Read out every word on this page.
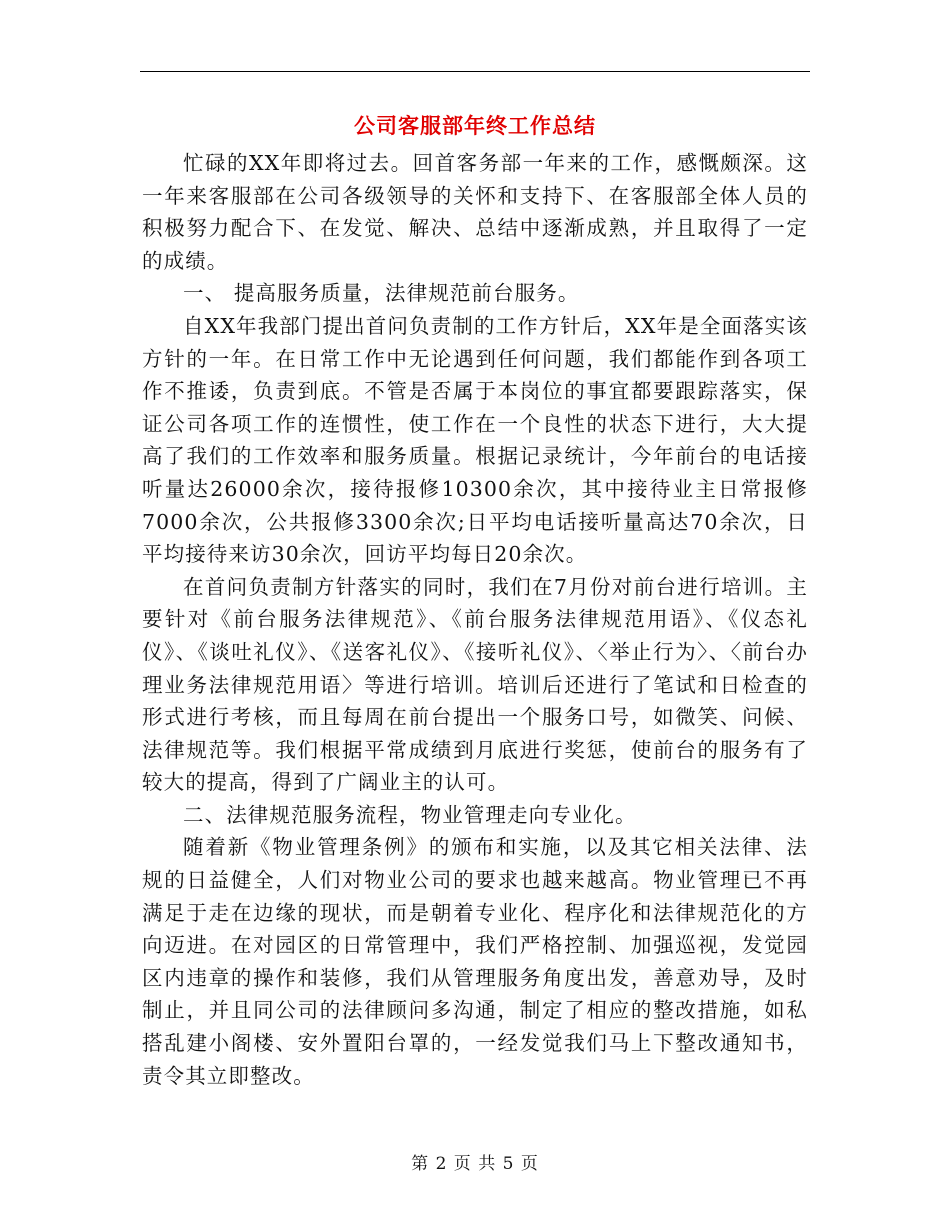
公司客服部年终工作总结

忙碌的XX年即将过去。回首客务部一年来的工作，感慨颇深。这一年来客服部在公司各级领导的关怀和支持下、在客服部全体人员的积极努力配合下、在发觉、解决、总结中逐渐成熟，并且取得了一定的成绩。

一、 提高服务质量，法律规范前台服务。

自XX年我部门提出首问负责制的工作方针后，XX年是全面落实该方针的一年。在日常工作中无论遇到任何问题，我们都能作到各项工作不推诿，负责到底。不管是否属于本岗位的事宜都要跟踪落实，保证公司各项工作的连惯性，使工作在一个良性的状态下进行，大大提高了我们的工作效率和服务质量。根据记录统计，今年前台的电话接听量达26000余次，接待报修10300余次，其中接待业主日常报修7000余次，公共报修3300余次;日平均电话接听量高达70余次，日平均接待来访30余次，回访平均每日20余次。

在首问负责制方针落实的同时，我们在7月份对前台进行培训。主要针对《前台服务法律规范》、《前台服务法律规范用语》、《仪态礼仪》、《谈吐礼仪》、《送客礼仪》、《接听礼仪》、〈举止行为〉、〈前台办理业务法律规范用语〉等进行培训。培训后还进行了笔试和日检查的形式进行考核，而且每周在前台提出一个服务口号，如微笑、问候、法律规范等。我们根据平常成绩到月底进行奖惩，使前台的服务有了较大的提高，得到了广阔业主的认可。

二、法律规范服务流程，物业管理走向专业化。

随着新《物业管理条例》的颁布和实施，以及其它相关法律、法规的日益健全，人们对物业公司的要求也越来越高。物业管理已不再满足于走在边缘的现状，而是朝着专业化、程序化和法律规范化的方向迈进。在对园区的日常管理中，我们严格控制、加强巡视，发觉园区内违章的操作和装修，我们从管理服务角度出发，善意劝导，及时制止，并且同公司的法律顾问多沟通，制定了相应的整改措施，如私搭乱建小阁楼、安外置阳台罩的，一经发觉我们马上下整改通知书，责令其立即整改。

第 2 页 共 5 页
